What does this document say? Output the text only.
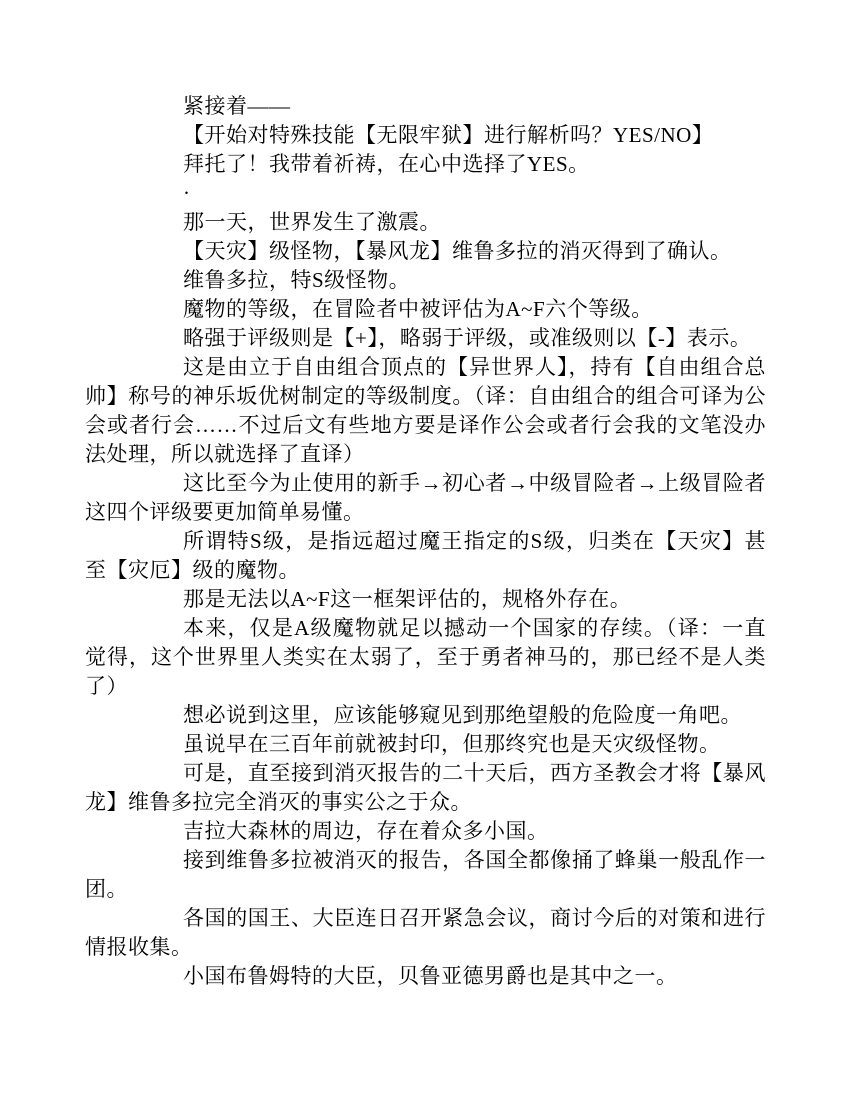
紧接着——

【开始对特殊技能【无限牢狱】进行解析吗？YES/NO】

拜托了！我带着祈祷，在心中选择了YES。

·

那一天，世界发生了激震。

【天灾】级怪物，【暴风龙】维鲁多拉的消灭得到了确认。

维鲁多拉，特S级怪物。

魔物的等级，在冒险者中被评估为A~F六个等级。

略强于评级则是【+】，略弱于评级，或准级则以【-】表示。

这是由立于自由组合顶点的【异世界人】，持有【自由组合总帅】称号的神乐坂优树制定的等级制度。（译：自由组合的组合可译为公会或者行会……不过后文有些地方要是译作公会或者行会我的文笔没办法处理，所以就选择了直译）

这比至今为止使用的新手→初心者→中级冒险者→上级冒险者这四个评级要更加简单易懂。

所谓特S级，是指远超过魔王指定的S级，归类在【天灾】甚至【灾厄】级的魔物。

那是无法以A~F这一框架评估的，规格外存在。

本来，仅是A级魔物就足以撼动一个国家的存续。（译：一直觉得，这个世界里人类实在太弱了，至于勇者神马的，那已经不是人类了）

想必说到这里，应该能够窥见到那绝望般的危险度一角吧。

虽说早在三百年前就被封印，但那终究也是天灾级怪物。

可是，直至接到消灭报告的二十天后，西方圣教会才将【暴风龙】维鲁多拉完全消灭的事实公之于众。

吉拉大森林的周边，存在着众多小国。

接到维鲁多拉被消灭的报告，各国全都像捅了蜂巢一般乱作一团。

各国的国王、大臣连日召开紧急会议，商讨今后的对策和进行情报收集。

小国布鲁姆特的大臣，贝鲁亚德男爵也是其中之一。
